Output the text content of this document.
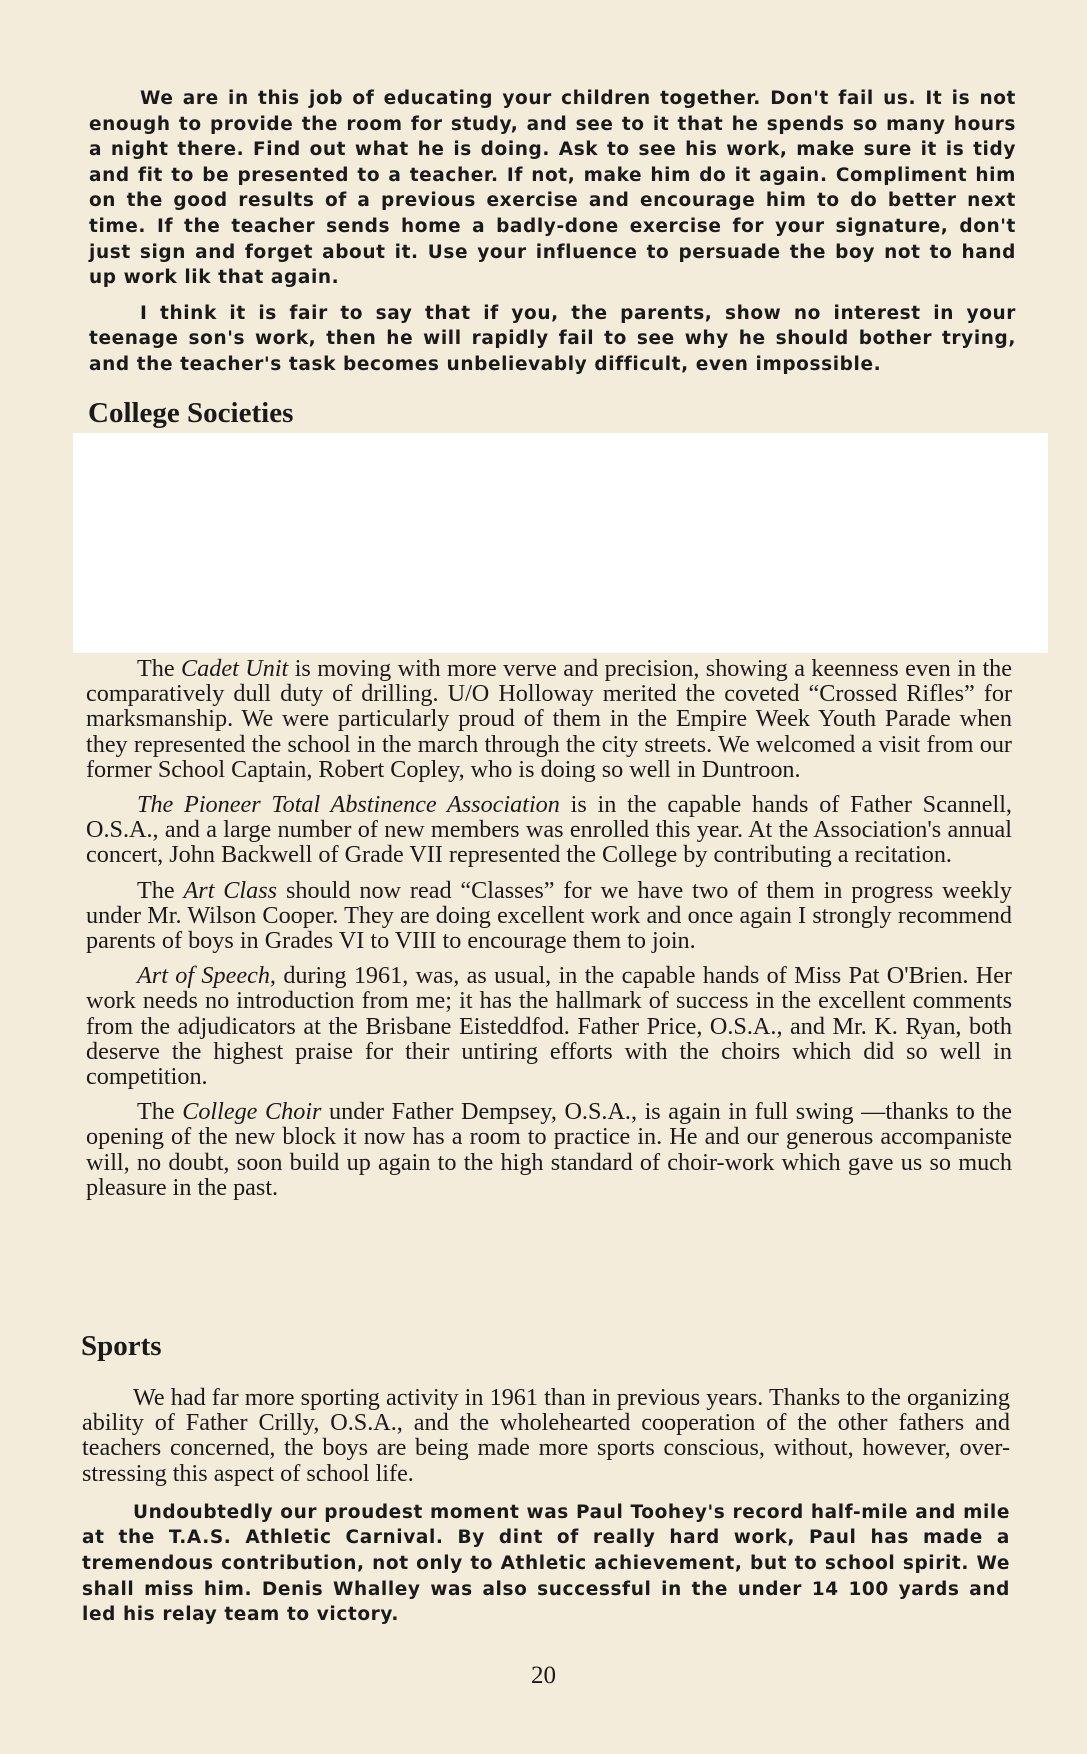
We are in this job of educating your children together. Don't fail us. It is not enough to provide the room for study, and see to it that he spends so many hours a night there. Find out what he is doing. Ask to see his work, make sure it is tidy and fit to be presented to a teacher. If not, make him do it again. Compliment him on the good results of a previous exercise and encourage him to do better next time. If the teacher sends home a badly-done exercise for your signature, don't just sign and forget about it. Use your influence to persuade the boy not to hand up work lik that again.

I think it is fair to say that if you, the parents, show no interest in your teenage son's work, then he will rapidly fail to see why he should bother trying, and the teacher's task becomes unbelievably difficult, even impossible.

College Societies

The Cadet Unit is moving with more verve and precision, showing a keenness even in the comparatively dull duty of drilling. U/O Holloway merited the coveted “Crossed Rifles” for marksmanship. We were particularly proud of them in the Empire Week Youth Parade when they represented the school in the march through the city streets. We welcomed a visit from our former School Captain, Robert Copley, who is doing so well in Duntroon.

The Pioneer Total Abstinence Association is in the capable hands of Father Scannell, O.S.A., and a large number of new members was enrolled this year. At the Association's annual concert, John Backwell of Grade VII represented the College by contributing a recitation.

The Art Class should now read “Classes” for we have two of them in progress weekly under Mr. Wilson Cooper. They are doing excellent work and once again I strongly recommend parents of boys in Grades VI to VIII to encourage them to join.

Art of Speech, during 1961, was, as usual, in the capable hands of Miss Pat O'Brien. Her work needs no introduction from me; it has the hallmark of success in the excellent comments from the adjudicators at the Brisbane Eisteddfod. Father Price, O.S.A., and Mr. K. Ryan, both deserve the highest praise for their untiring efforts with the choirs which did so well in competition.

The College Choir under Father Dempsey, O.S.A., is again in full swing —thanks to the opening of the new block it now has a room to practice in. He and our generous accompaniste will, no doubt, soon build up again to the high standard of choir-work which gave us so much pleasure in the past.

Sports

We had far more sporting activity in 1961 than in previous years. Thanks to the organizing ability of Father Crilly, O.S.A., and the wholehearted cooperation of the other fathers and teachers concerned, the boys are being made more sports conscious, without, however, over-stressing this aspect of school life.

Undoubtedly our proudest moment was Paul Toohey's record half-mile and mile at the T.A.S. Athletic Carnival. By dint of really hard work, Paul has made a tremendous contribution, not only to Athletic achievement, but to school spirit. We shall miss him. Denis Whalley was also successful in the under 14 100 yards and led his relay team to victory.

20
